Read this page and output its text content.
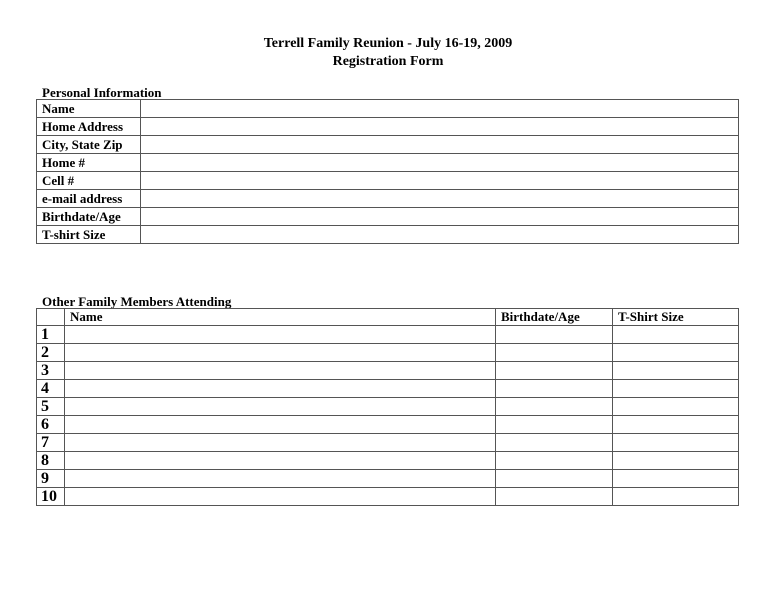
Terrell Family Reunion - July 16-19, 2009
Registration Form
Personal Information
Name	
Home Address	
City, State Zip	
Home #	
Cell #	
e-mail address	
Birthdate/Age	
T-shirt Size	
Other Family Members Attending
	Name	Birthdate/Age	T-Shirt Size
1			
2			
3			
4			
5			
6			
7			
8			
9			
10			
